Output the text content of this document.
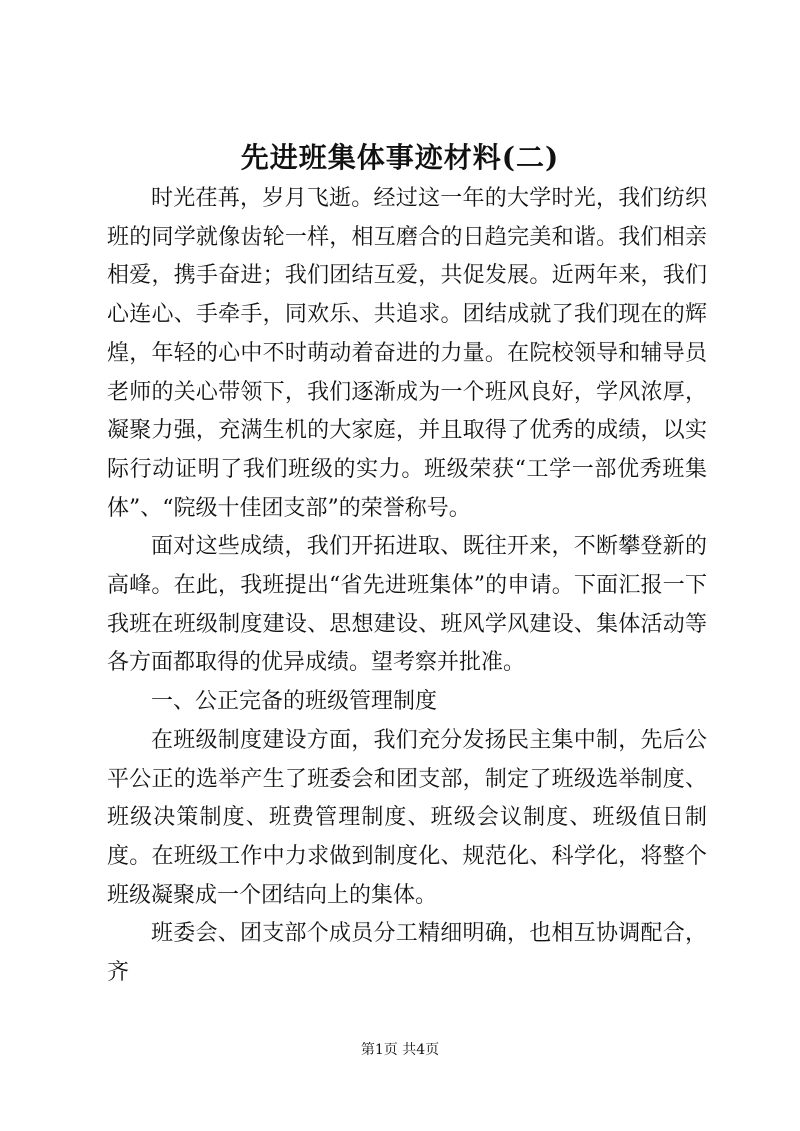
先进班集体事迹材料(二)

时光荏苒，岁月飞逝。经过这一年的大学时光，我们纺织班的同学就像齿轮一样，相互磨合的日趋完美和谐。我们相亲相爱，携手奋进；我们团结互爱，共促发展。近两年来，我们心连心、手牵手，同欢乐、共追求。团结成就了我们现在的辉煌，年轻的心中不时萌动着奋进的力量。在院校领导和辅导员老师的关心带领下，我们逐渐成为一个班风良好，学风浓厚，凝聚力强，充满生机的大家庭，并且取得了优秀的成绩，以实际行动证明了我们班级的实力。班级荣获“工学一部优秀班集体”、“院级十佳团支部”的荣誉称号。

面对这些成绩，我们开拓进取、既往开来，不断攀登新的高峰。在此，我班提出“省先进班集体”的申请。下面汇报一下我班在班级制度建设、思想建设、班风学风建设、集体活动等各方面都取得的优异成绩。望考察并批准。

一、公正完备的班级管理制度

在班级制度建设方面，我们充分发扬民主集中制，先后公平公正的选举产生了班委会和团支部，制定了班级选举制度、班级决策制度、班费管理制度、班级会议制度、班级值日制度。在班级工作中力求做到制度化、规范化、科学化，将整个班级凝聚成一个团结向上的集体。

班委会、团支部个成员分工精细明确，也相互协调配合，齐

第1页 共4页
